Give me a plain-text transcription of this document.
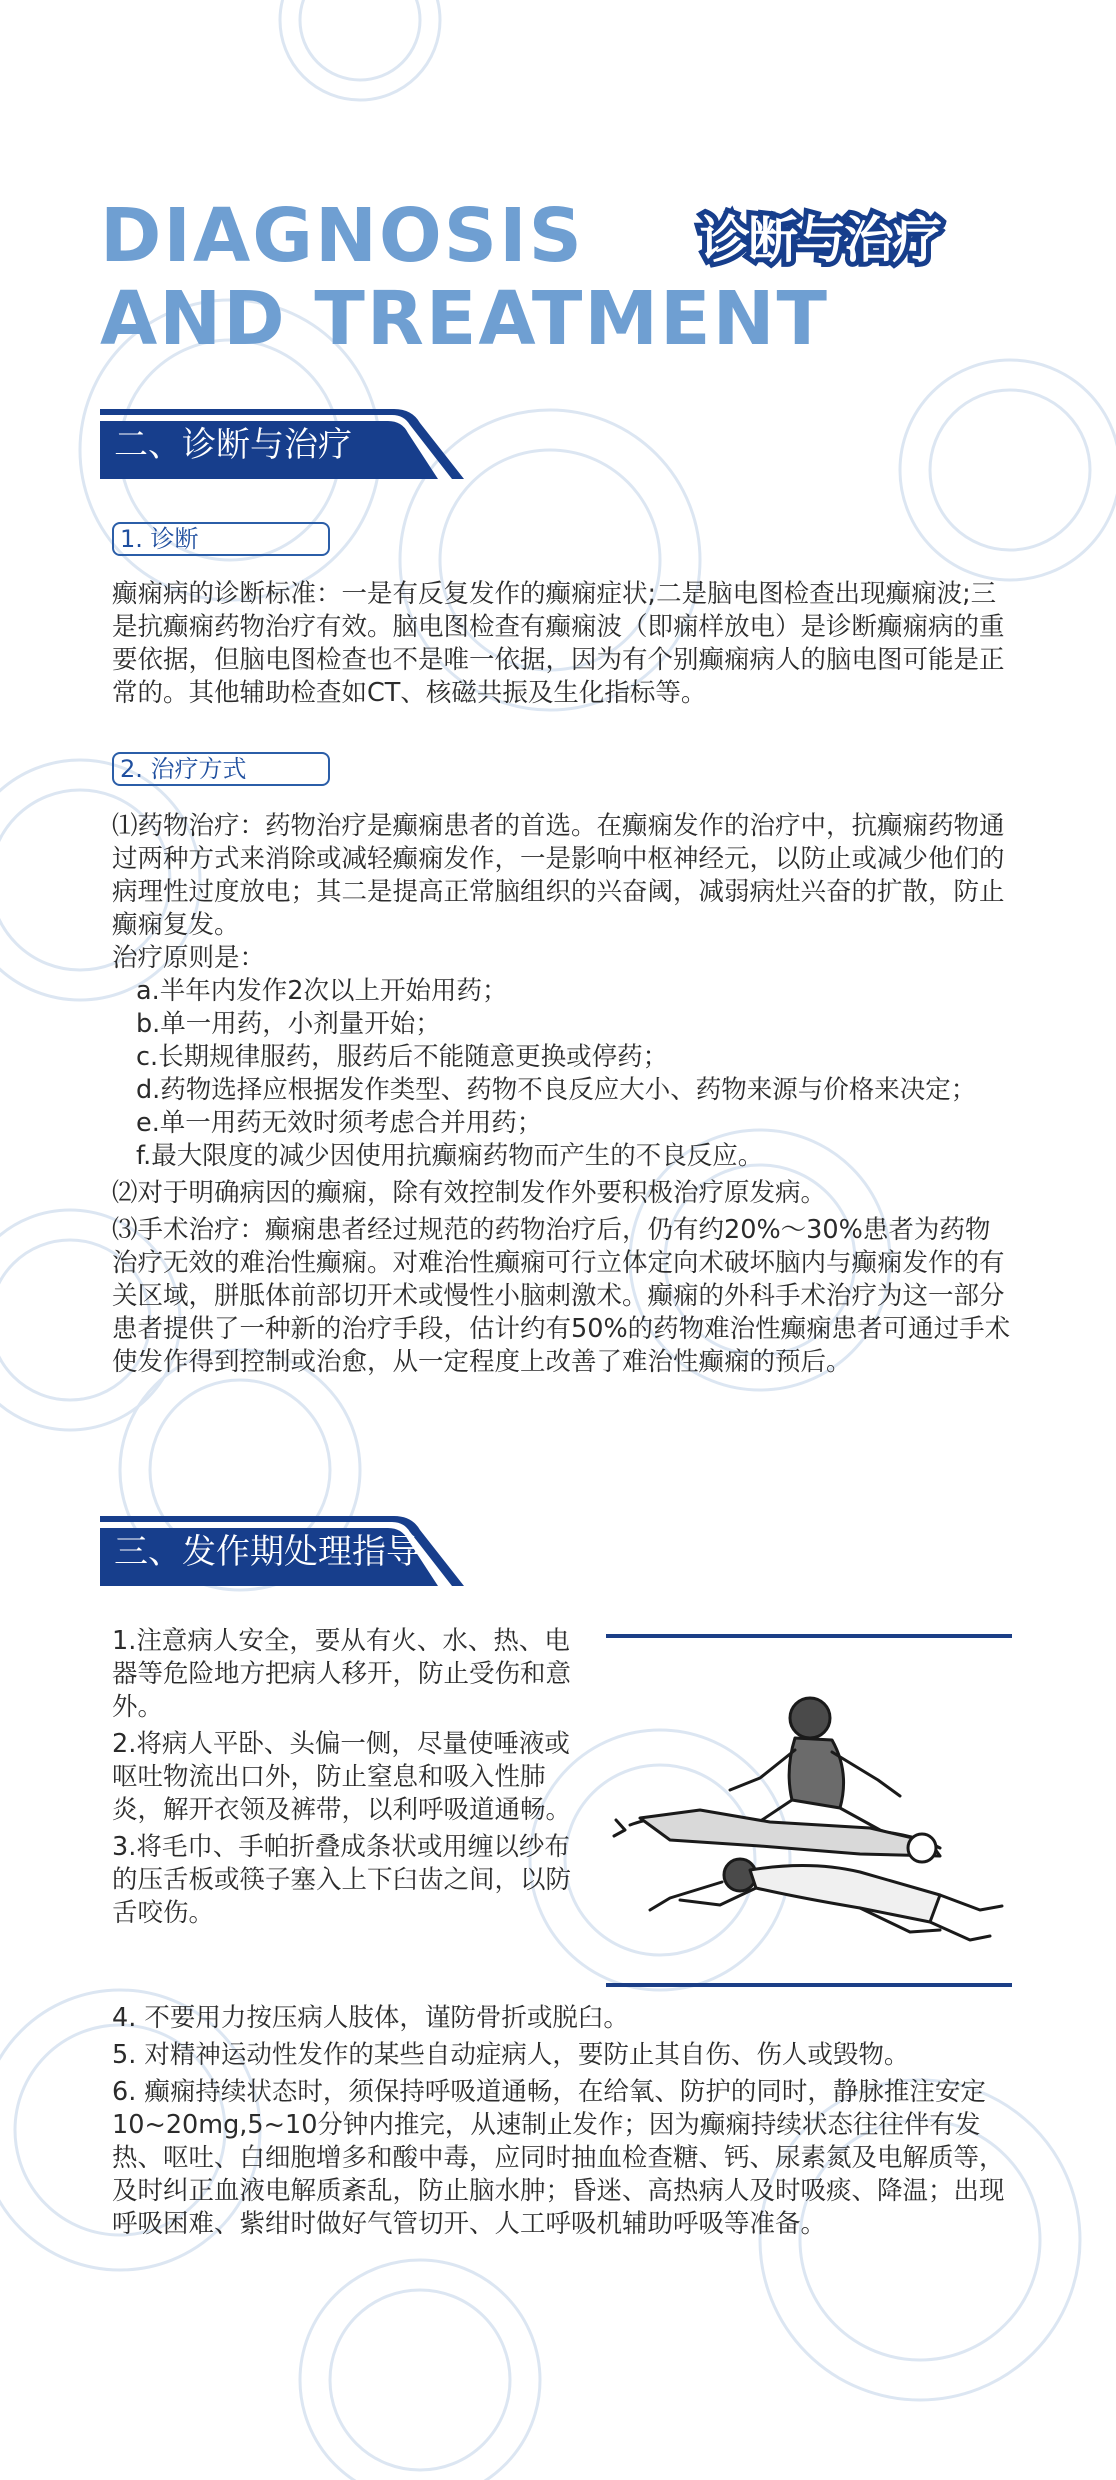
DIAGNOSIS
AND TREATMENT
诊断与治疗
二、诊断与治疗
1. 诊断

癫痫病的诊断标准：一是有反复发作的癫痫症状;二是脑电图检查出现癫痫波;三是抗癫痫药物治疗有效。脑电图检查有癫痫波（即痫样放电）是诊断癫痫病的重要依据，但脑电图检查也不是唯一依据，因为有个别癫痫病人的脑电图可能是正常的。其他辅助检查如CT、核磁共振及生化指标等。

2. 治疗方式

⑴药物治疗：药物治疗是癫痫患者的首选。在癫痫发作的治疗中，抗癫痫药物通过两种方式来消除或减轻癫痫发作，一是影响中枢神经元，以防止或减少他们的病理性过度放电；其二是提高正常脑组织的兴奋阈，减弱病灶兴奋的扩散，防止癫痫复发。

治疗原则是：

a.半年内发作2次以上开始用药；

b.单一用药，小剂量开始；

c.长期规律服药，服药后不能随意更换或停药；

d.药物选择应根据发作类型、药物不良反应大小、药物来源与价格来决定；

e.单一用药无效时须考虑合并用药；

f.最大限度的减少因使用抗癫痫药物而产生的不良反应。

⑵对于明确病因的癫痫，除有效控制发作外要积极治疗原发病。

⑶手术治疗：癫痫患者经过规范的药物治疗后，仍有约20%～30%患者为药物治疗无效的难治性癫痫。对难治性癫痫可行立体定向术破坏脑内与癫痫发作的有关区域，胼胝体前部切开术或慢性小脑刺激术。癫痫的外科手术治疗为这一部分患者提供了一种新的治疗手段，估计约有50%的药物难治性癫痫患者可通过手术使发作得到控制或治愈，从一定程度上改善了难治性癫痫的预后。

三、发作期处理指导

1.注意病人安全，要从有火、水、热、电器等危险地方把病人移开，防止受伤和意外。

2.将病人平卧、头偏一侧，尽量使唾液或呕吐物流出口外，防止窒息和吸入性肺炎，解开衣领及裤带，以利呼吸道通畅。

3.将毛巾、手帕折叠成条状或用缠以纱布的压舌板或筷子塞入上下臼齿之间，以防舌咬伤。

4. 不要用力按压病人肢体，谨防骨折或脱臼。

5. 对精神运动性发作的某些自动症病人，要防止其自伤、伤人或毁物。

6. 癫痫持续状态时，须保持呼吸道通畅，在给氧、防护的同时，静脉推注安定10~20mg,5~10分钟内推完，从速制止发作；因为癫痫持续状态往往伴有发热、呕吐、白细胞增多和酸中毒，应同时抽血检查糖、钙、尿素氮及电解质等，及时纠正血液电解质紊乱，防止脑水肿；昏迷、高热病人及时吸痰、降温；出现呼吸困难、紫绀时做好气管切开、人工呼吸机辅助呼吸等准备。
